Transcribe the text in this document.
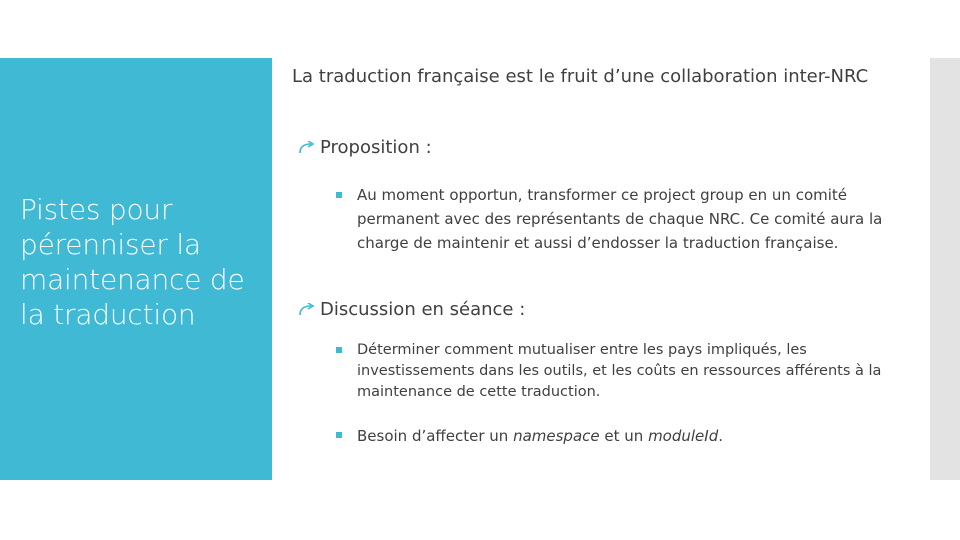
Pistes pour pérenniser la maintenance de la traduction
La traduction française est le fruit d’une collaboration inter-NRC
Proposition :
Au moment opportun, transformer ce project group en un comité permanent avec des représentants de chaque NRC. Ce comité aura la charge de maintenir et aussi d’endosser la traduction française.
Discussion en séance :
Déterminer comment mutualiser entre les pays impliqués, les investissements dans les outils, et les coûts en ressources afférents à la maintenance de cette traduction.
Besoin d’affecter un namespace et un moduleId.
